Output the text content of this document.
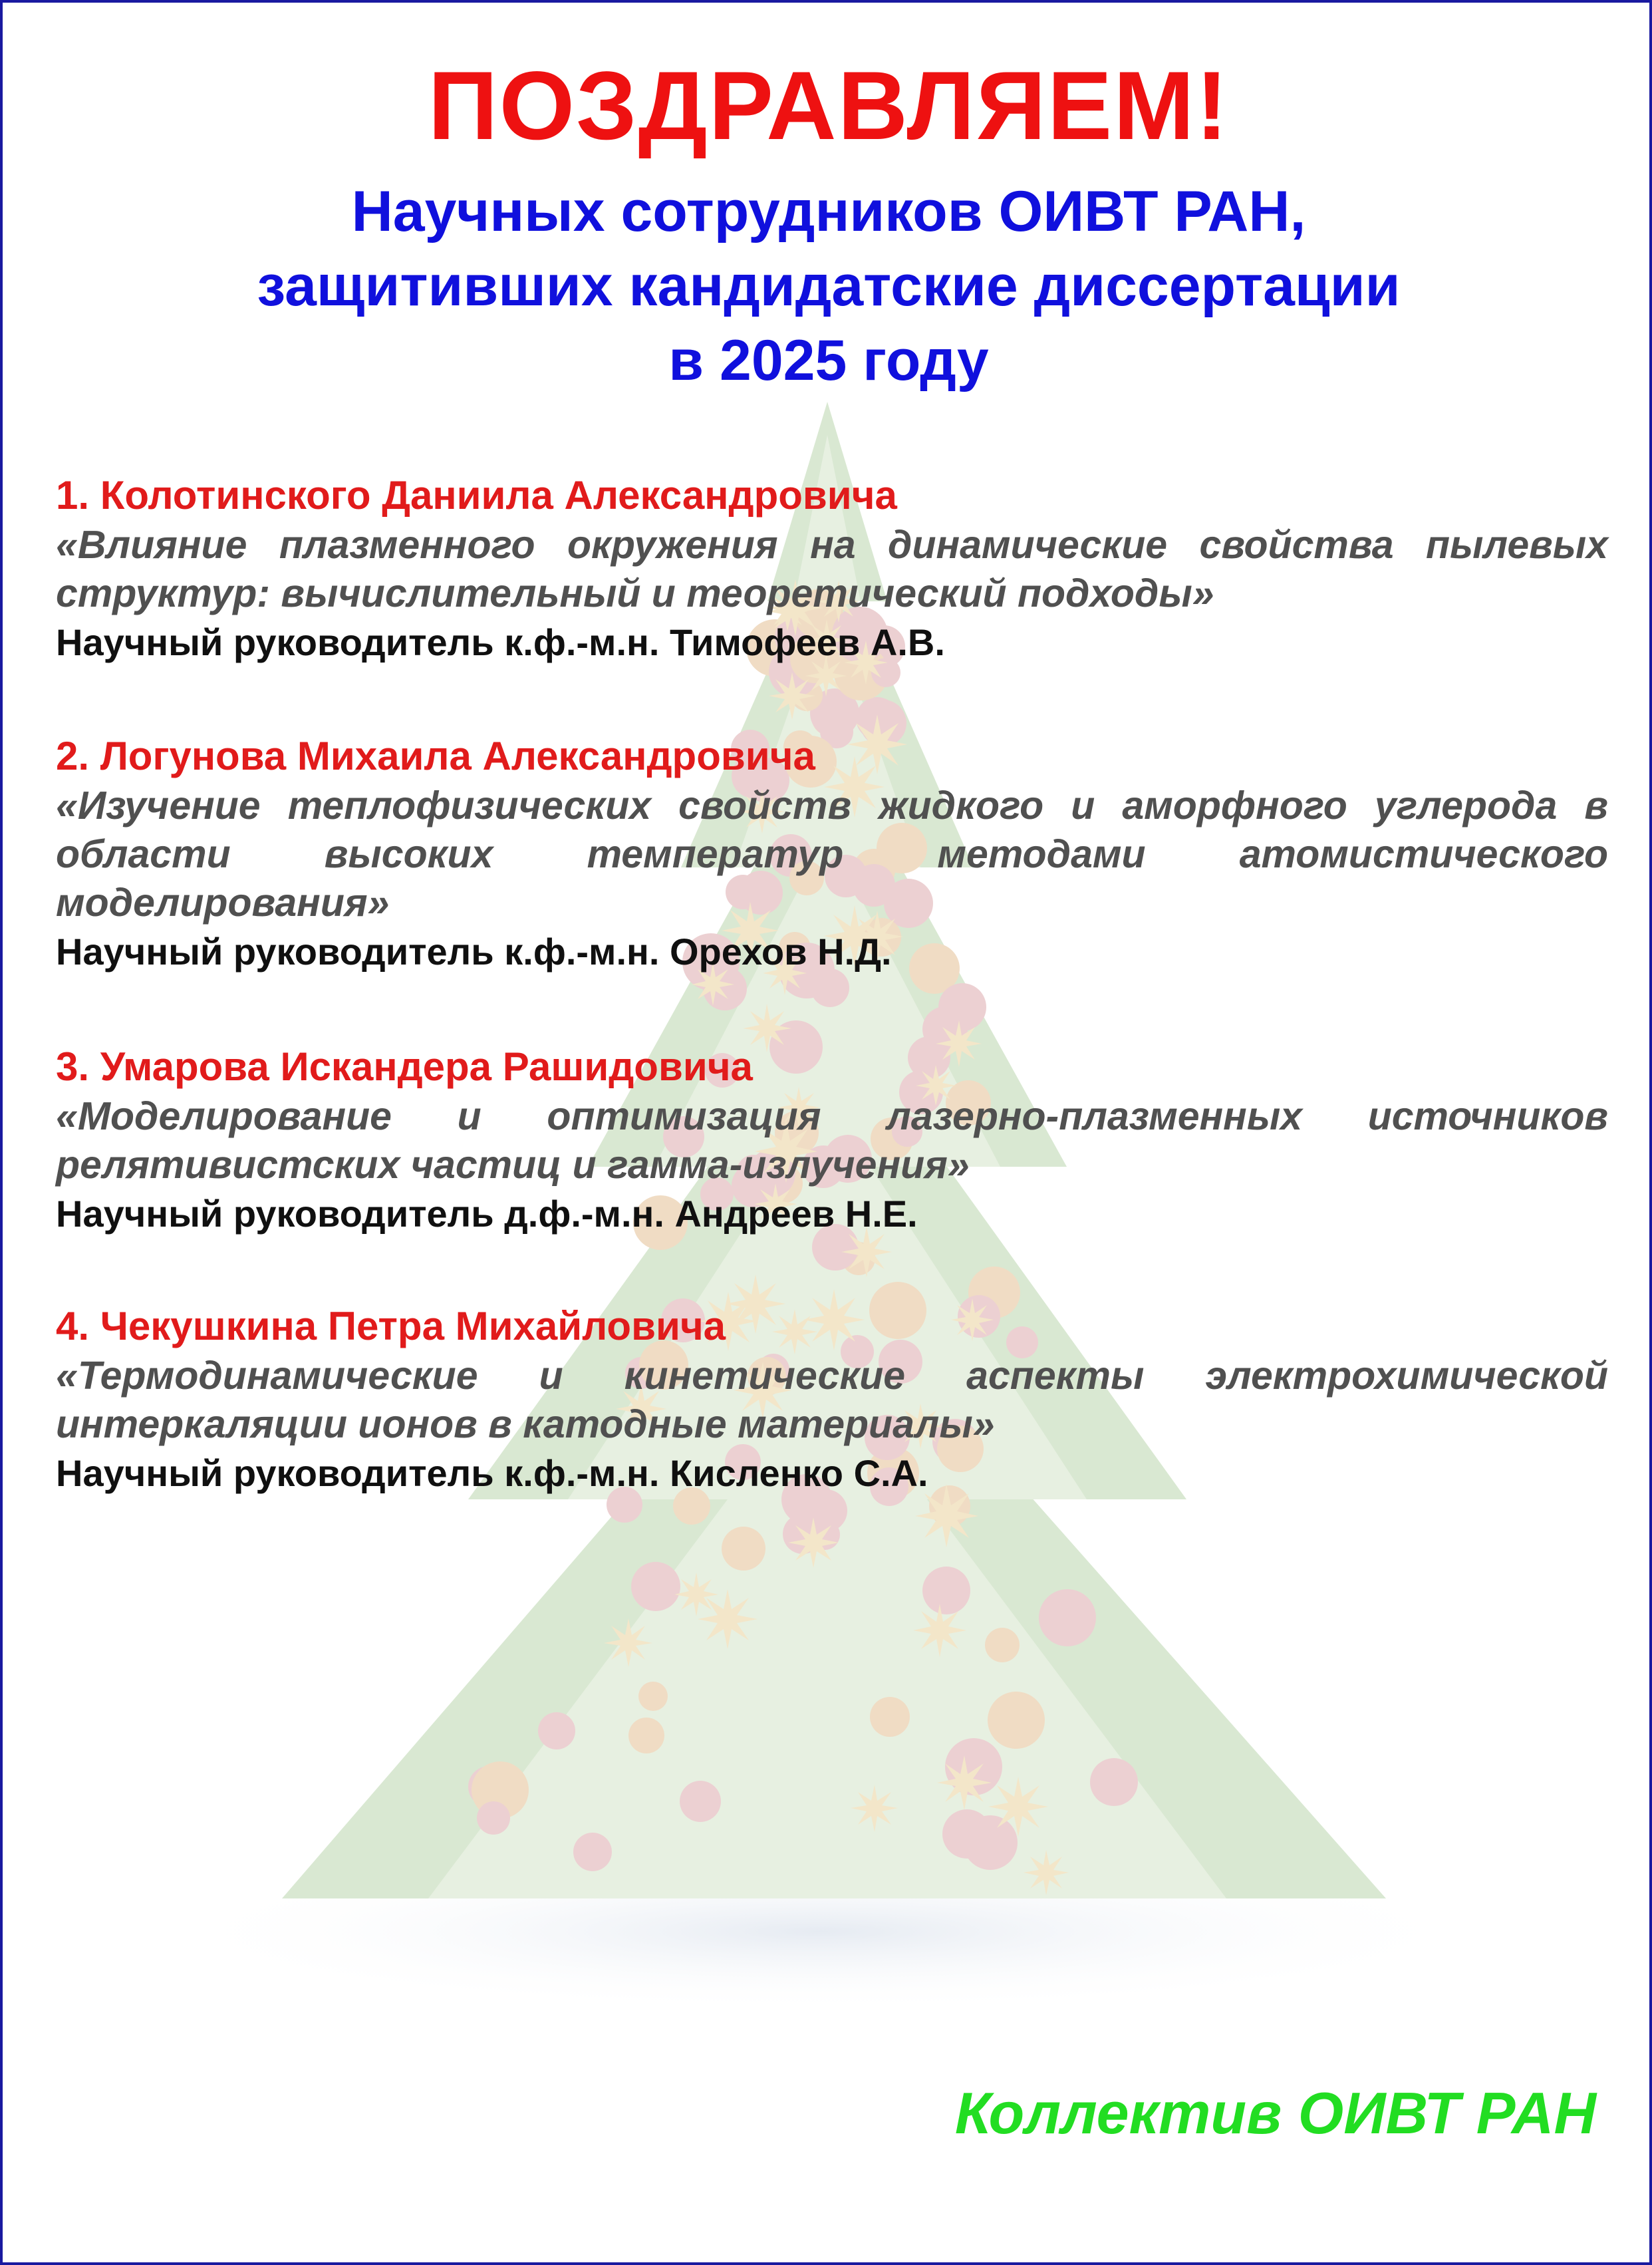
ПОЗДРАВЛЯЕМ!
Научных сотрудников ОИВТ РАН,
защитивших кандидатские диссертации
в 2025 году

1. Колотинского Даниила Александровича

«Влияние плазменного окружения на динамические свойства пылевых структур: вычислительный и теоретический подходы»

Научный руководитель к.ф.-м.н. Тимофеев А.В.

2. Логунова Михаила Александровича

«Изучение теплофизических свойств жидкого и аморфного углерода в области высоких температур методами атомистического моделирования»

Научный руководитель к.ф.-м.н. Орехов Н.Д.

3. Умарова Искандера Рашидовича

«Моделирование и оптимизация лазерно-плазменных источников релятивистских частиц и гамма-излучения»

Научный руководитель д.ф.-м.н. Андреев Н.Е.

4. Чекушкина Петра Михайловича

«Термодинамические и кинетические аспекты электрохимической интеркаляции ионов в катодные материалы»

Научный руководитель к.ф.-м.н. Кисленко С.А.

Коллектив ОИВТ РАН
